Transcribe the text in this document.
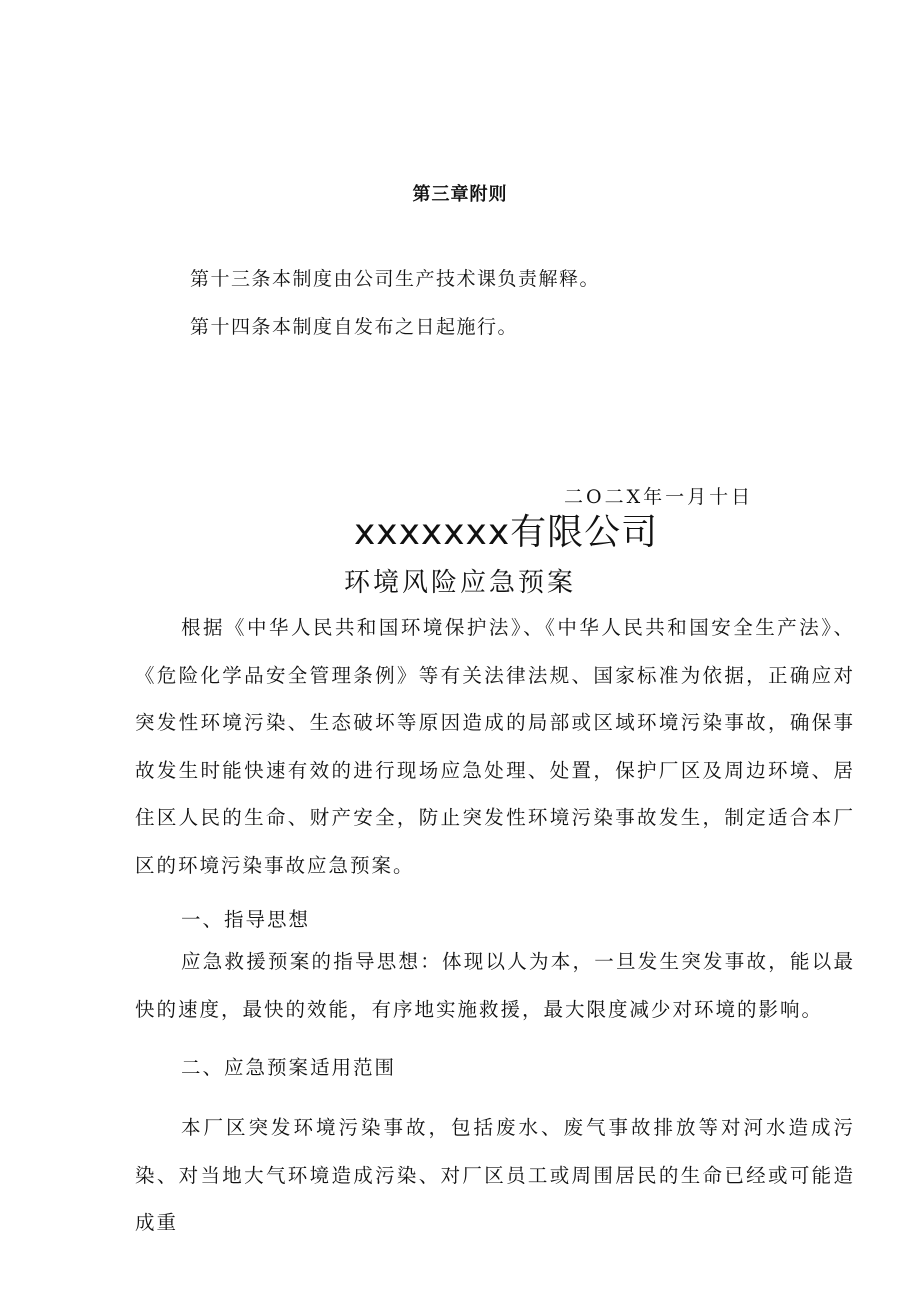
第三章附则
第十三条本制度由公司生产技术课负责解释。
第十四条本制度自发布之日起施行。
二O二X年一月十日
xxxxxxx有限公司
环境风险应急预案

根据《中华人民共和国环境保护法》、《中华人民共和国安全生产法》、《危险化学品安全管理条例》等有关法律法规、国家标准为依据，正确应对突发性环境污染、生态破坏等原因造成的局部或区域环境污染事故，确保事故发生时能快速有效的进行现场应急处理、处置，保护厂区及周边环境、居住区人民的生命、财产安全，防止突发性环境污染事故发生，制定适合本厂区的环境污染事故应急预案。

一、指导思想

应急救援预案的指导思想：体现以人为本，一旦发生突发事故，能以最快的速度，最快的效能，有序地实施救援，最大限度减少对环境的影响。

二、应急预案适用范围

本厂区突发环境污染事故，包括废水、废气事故排放等对河水造成污染、对当地大气环境造成污染、对厂区员工或周围居民的生命已经或可能造成重
